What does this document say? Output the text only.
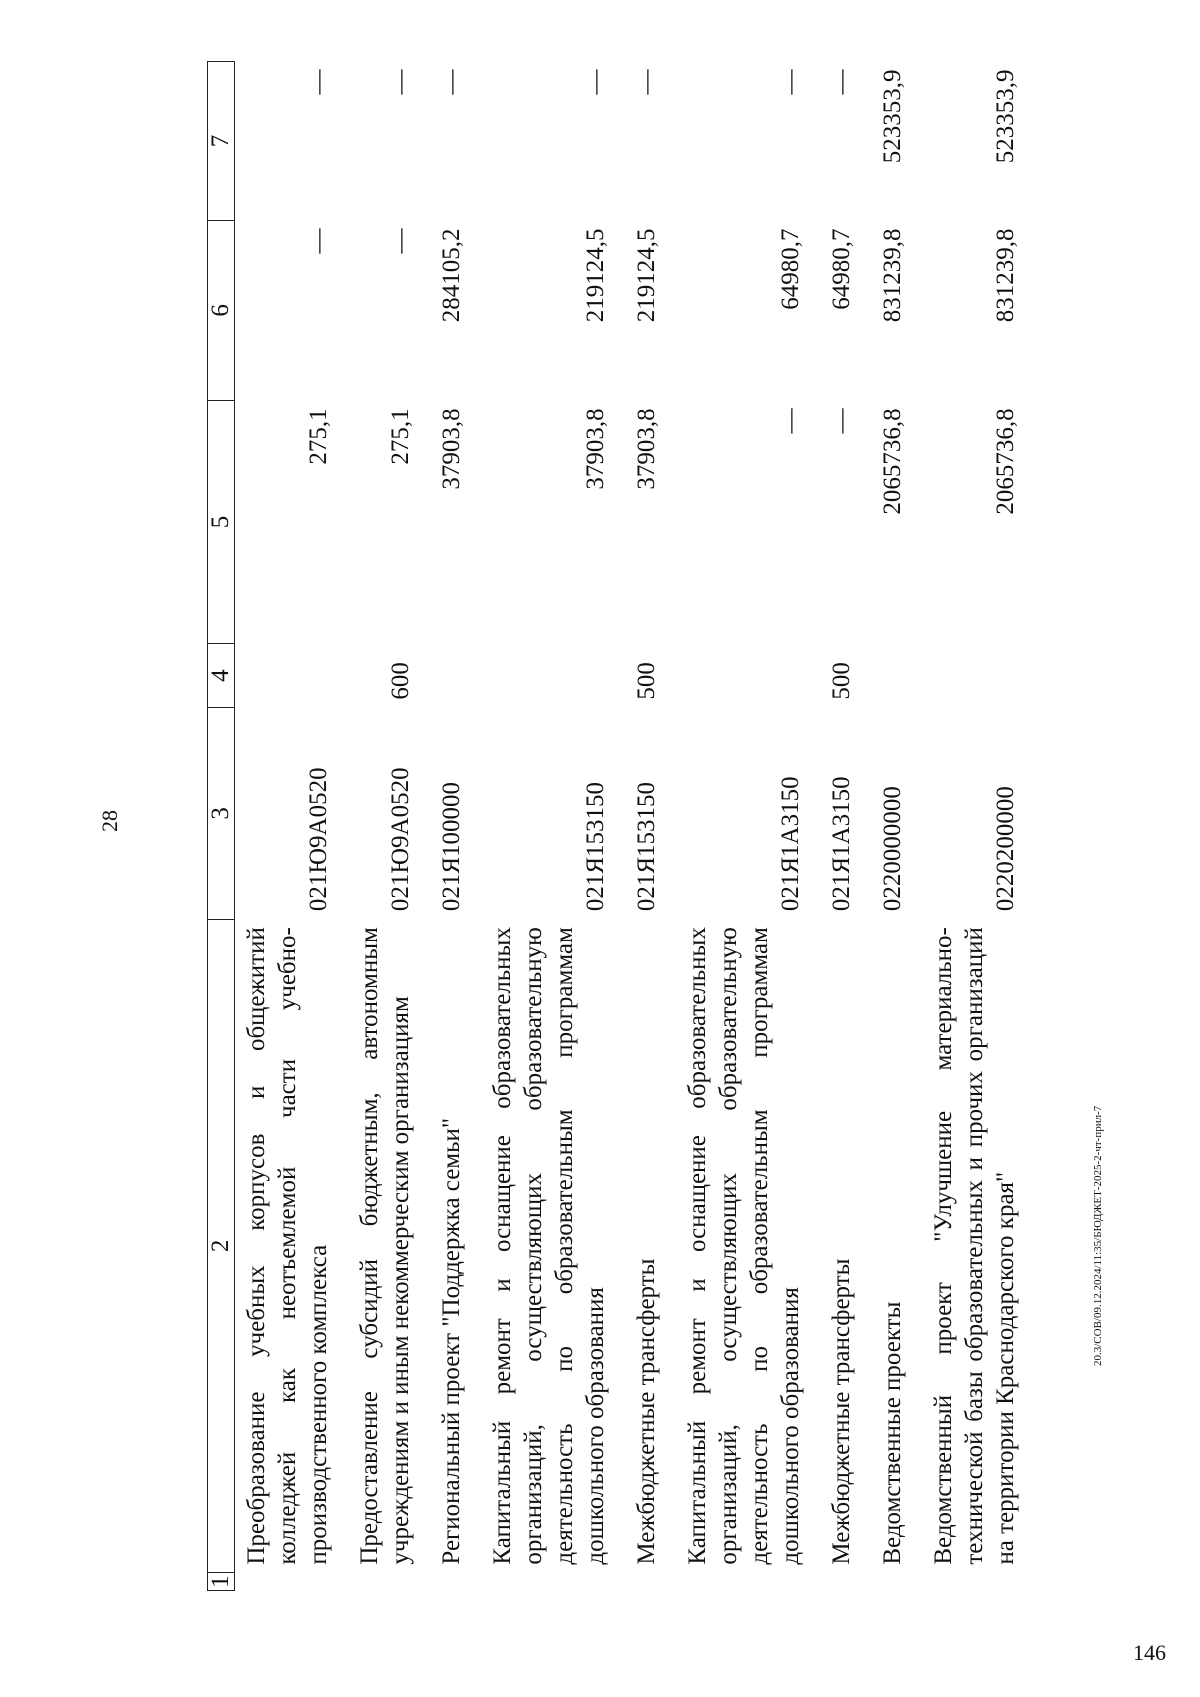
28
146
20.3/СОВ/09.12.2024/11:35/БЮДЖЕТ-2025-2-чт-прил-7
1	2	3	4	5	6	7
	Преобразование учебных корпусов и общежитий колледжей как неотъемлемой части учебно-производственного комплекса	021Ю9А0520		275,1	—	—
	Предоставление субсидий бюджетным, автономным учреждениям и иным некоммерческим организациям	021Ю9А0520	600	275,1	—	—
	Региональный проект "Поддержка семьи"	021Я100000		37903,8	284105,2	—
	Капитальный ремонт и оснащение образовательных организаций, осуществляющих образовательную деятельность по образовательным программам дошкольного образования	021Я153150		37903,8	219124,5	—
	Межбюджетные трансферты	021Я153150	500	37903,8	219124,5	—
	Капитальный ремонт и оснащение образовательных организаций, осуществляющих образовательную деятельность по образовательным программам дошкольного образования	021Я1А3150		—	64980,7	—
	Межбюджетные трансферты	021Я1А3150	500	—	64980,7	—
	Ведомственные проекты	0220000000		2065736,8	831239,8	523353,9
	Ведомственный проект "Улучшение материально-технической базы образовательных и прочих организаций на территории Краснодарского края"	0220200000		2065736,8	831239,8	523353,9
